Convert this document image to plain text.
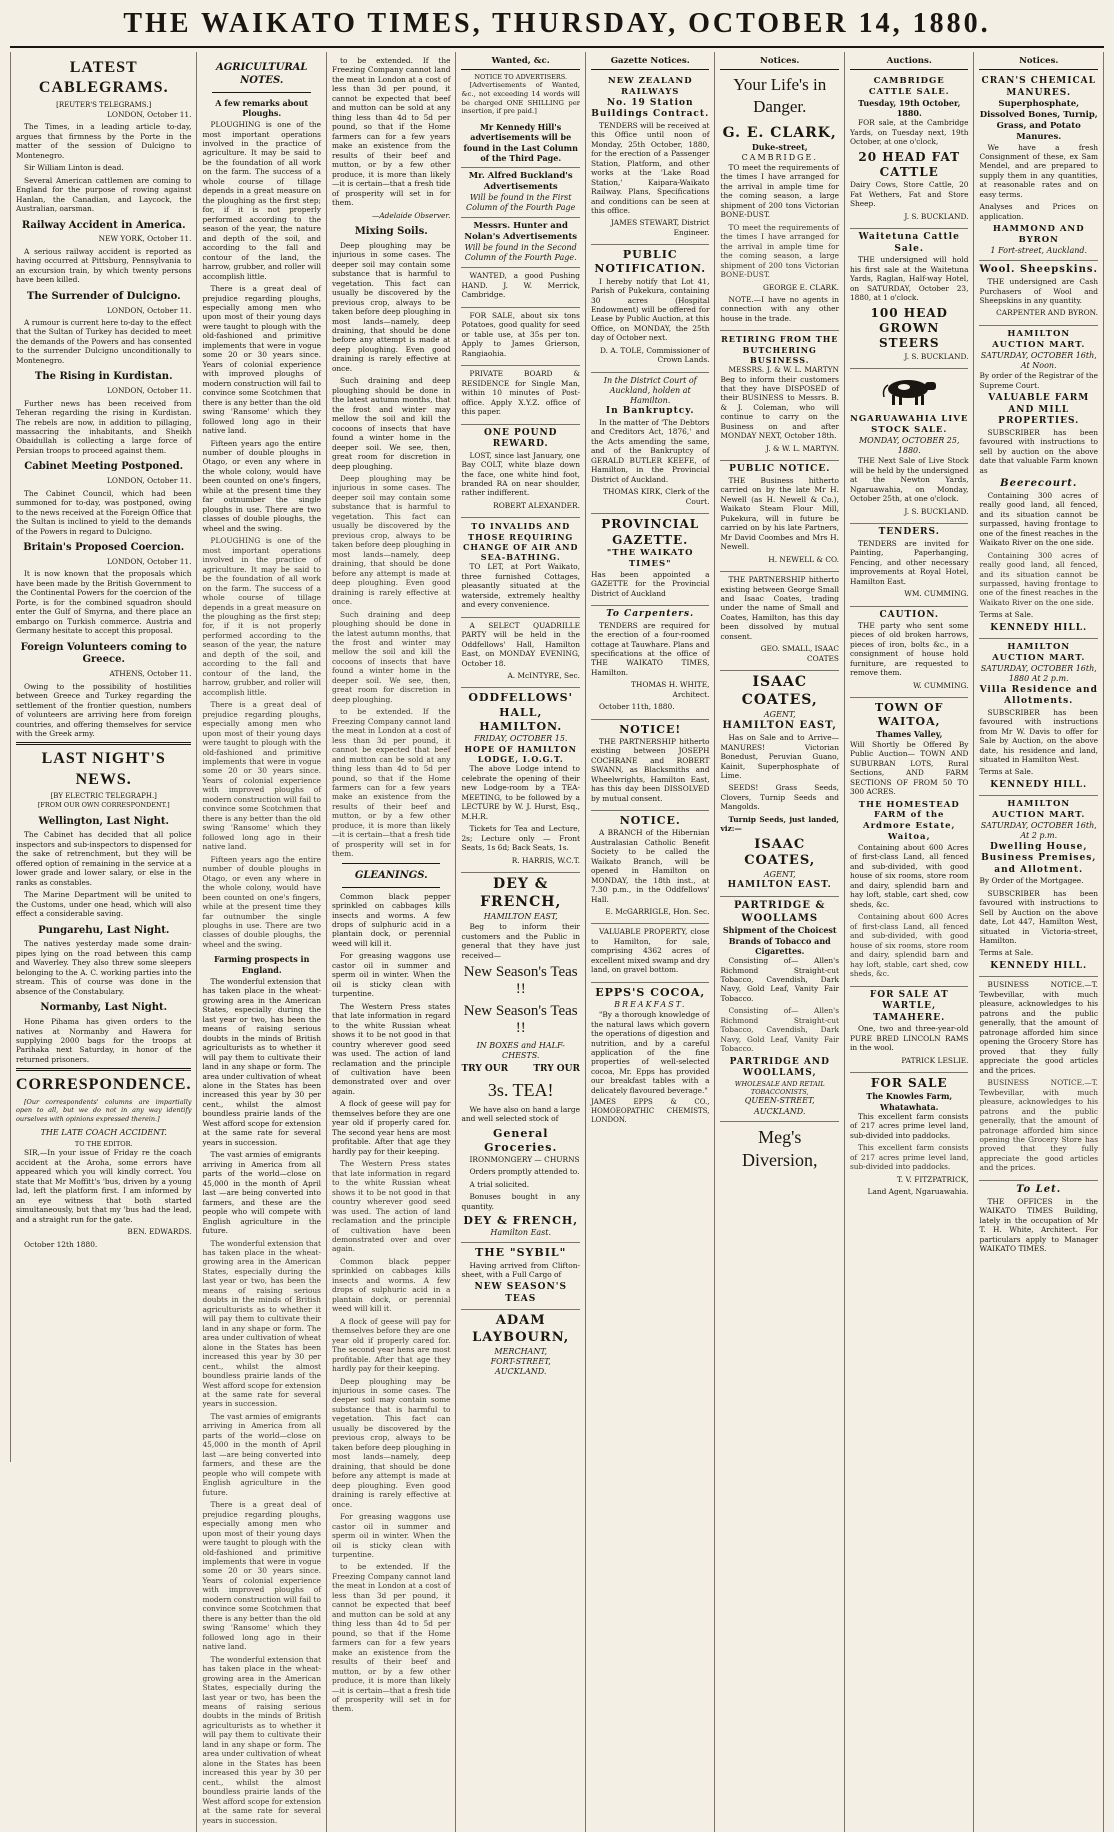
THE WAIKATO TIMES, THURSDAY, OCTOBER 14, 1880.
LATEST CABLEGRAMS.
[REUTER'S TELEGRAMS.]

LONDON, October 11.

The Times, in a leading article to-day, argues that firmness by the Porte in the matter of the session of Dulcigno to Montenegro.

Sir William Linton is dead.

Several American cattlemen are coming to England for the purpose of rowing against Hanlan, the Canadian, and Laycock, the Australian, oarsman.

Railway Accident in America.

NEW YORK, October 11.

A serious railway accident is reported as having occurred at Pittsburg, Pennsylvania to an excursion train, by which twenty persons have been killed.

The Surrender of Dulcigno.

LONDON, October 11.

A rumour is current here to-day to the effect that the Sultan of Turkey has decided to meet the demands of the Powers and has consented to the surrender Dulcigno unconditionally to Montenegro.

The Rising in Kurdistan.

LONDON, October 11.

Further news has been received from Teheran regarding the rising in Kurdistan. The rebels are now, in addition to pillaging, massacring the inhabitants, and Sheikh Obaidullah is collecting a large force of Persian troops to proceed against them.

Cabinet Meeting Postponed.

LONDON, October 11.

The Cabinet Council, which had been summoned for to-day, was postponed, owing to the news received at the Foreign Office that the Sultan is inclined to yield to the demands of the Powers in regard to Dulcigno.

Britain's Proposed Coercion.

LONDON, October 11.

It is now known that the proposals which have been made by the British Government to the Continental Powers for the coercion of the Porte, is for the combined squadron should enter the Gulf of Smyrna, and there place an embargo on Turkish commerce. Austria and Germany hesitate to accept this proposal.

Foreign Volunteers coming to Greece.

ATHENS, October 11.

Owing to the possibility of hostilities between Greece and Turkey regarding the settlement of the frontier question, numbers of volunteers are arriving here from foreign countries, and offering themselves for service with the Greek army.

LAST NIGHT'S NEWS.
[BY ELECTRIC TELEGRAPH.]
[FROM OUR OWN CORRESPONDENT.]
Wellington, Last Night.

The Cabinet has decided that all police inspectors and sub-inspectors to dispensed for the sake of retrenchment, but they will be offered option of remaining in the service at a lower grade and lower salary, or else in the ranks as constables.

The Marine Department will be united to the Customs, under one head, which will also effect a considerable saving.

Pungarehu, Last Night.

The natives yesterday made some drain-pipes lying on the road between this camp and Waverley. They also threw some sleepers belonging to the A. C. working parties into the stream. This of course was done in the absence of the Constabulary.

Normanby, Last Night.

Hone Pihama has given orders to the natives at Normanby and Hawera for supplying 2000 bags for the troops at Parihaka next Saturday, in honor of the returned prisoners.

CORRESPONDENCE.

[Our correspondents' columns are impartially open to all, but we do not in any way identify ourselves with opinions expressed therein.]

THE LATE COACH ACCIDENT.
TO THE EDITOR.

SIR,—In your issue of Friday re the coach accident at the Aroha, some errors have appeared which you will kindly correct. You state that Mr Moffitt's 'bus, driven by a young lad, left the platform first. I am informed by an eye witness that both started simultaneously, but that my 'bus had the lead, and a straight run for the gate.

BEN. EDWARDS.

October 12th 1880.

AGRICULTURAL NOTES.
A few remarks about Ploughs.

PLOUGHING is one of the most important operations involved in the practice of agriculture. It may be said to be the foundation of all work on the farm. The success of a whole course of tillage depends in a great measure on the ploughing as the first step; for, if it is not properly performed according to the season of the year, the nature and depth of the soil, and according to the fall and contour of the land, the harrow, grubber, and roller will accomplish little.

There is a great deal of prejudice regarding ploughs, especially among men who upon most of their young days were taught to plough with the old-fashioned and primitive implements that were in vogue some 20 or 30 years since. Years of colonial experience with improved ploughs of modern construction will fail to convince some Scotchmen that there is any better than the old swing 'Ransome' which they followed long ago in their native land.

Fifteen years ago the entire number of double ploughs in Otago, or even any where in the whole colony, would have been counted on one's fingers, while at the present time they far outnumber the single ploughs in use. There are two classes of double ploughs, the wheel and the swing.

PLOUGHING is one of the most important operations involved in the practice of agriculture. It may be said to be the foundation of all work on the farm. The success of a whole course of tillage depends in a great measure on the ploughing as the first step; for, if it is not properly performed according to the season of the year, the nature and depth of the soil, and according to the fall and contour of the land, the harrow, grubber, and roller will accomplish little.

There is a great deal of prejudice regarding ploughs, especially among men who upon most of their young days were taught to plough with the old-fashioned and primitive implements that were in vogue some 20 or 30 years since. Years of colonial experience with improved ploughs of modern construction will fail to convince some Scotchmen that there is any better than the old swing 'Ransome' which they followed long ago in their native land.

Fifteen years ago the entire number of double ploughs in Otago, or even any where in the whole colony, would have been counted on one's fingers, while at the present time they far outnumber the single ploughs in use. There are two classes of double ploughs, the wheel and the swing.

Farming prospects in England.

The wonderful extension that has taken place in the wheat-growing area in the American States, especially during the last year or two, has been the means of raising serious doubts in the minds of British agriculturists as to whether it will pay them to cultivate their land in any shape or form. The area under cultivation of wheat alone in the States has been increased this year by 30 per cent., whilst the almost boundless prairie lands of the West afford scope for extension at the same rate for several years in succession.

The vast armies of emigrants arriving in America from all parts of the world—close on 45,000 in the month of April last —are being converted into farmers, and these are the people who will compete with English agriculture in the future.

The wonderful extension that has taken place in the wheat-growing area in the American States, especially during the last year or two, has been the means of raising serious doubts in the minds of British agriculturists as to whether it will pay them to cultivate their land in any shape or form. The area under cultivation of wheat alone in the States has been increased this year by 30 per cent., whilst the almost boundless prairie lands of the West afford scope for extension at the same rate for several years in succession.

The vast armies of emigrants arriving in America from all parts of the world—close on 45,000 in the month of April last —are being converted into farmers, and these are the people who will compete with English agriculture in the future.

There is a great deal of prejudice regarding ploughs, especially among men who upon most of their young days were taught to plough with the old-fashioned and primitive implements that were in vogue some 20 or 30 years since. Years of colonial experience with improved ploughs of modern construction will fail to convince some Scotchmen that there is any better than the old swing 'Ransome' which they followed long ago in their native land.

The wonderful extension that has taken place in the wheat-growing area in the American States, especially during the last year or two, has been the means of raising serious doubts in the minds of British agriculturists as to whether it will pay them to cultivate their land in any shape or form. The area under cultivation of wheat alone in the States has been increased this year by 30 per cent., whilst the almost boundless prairie lands of the West afford scope for extension at the same rate for several years in succession.

to be extended. If the Freezing Company cannot land the meat in London at a cost of less than 3d per pound, it cannot be expected that beef and mutton can be sold at any thing less than 4d to 5d per pound, so that if the Home farmers can for a few years make an existence from the results of their beef and mutton, or by a few other produce, it is more than likely—it is certain—that a fresh tide of prosperity will set in for them.

—Adelaide Observer.

Mixing Soils.

Deep ploughing may be injurious in some cases. The deeper soil may contain some substance that is harmful to vegetation. This fact can usually be discovered by the previous crop, always to be taken before deep ploughing in most lands—namely, deep draining, that should be done before any attempt is made at deep ploughing. Even good draining is rarely effective at once.

Such draining and deep ploughing should be done in the latest autumn months, that the frost and winter may mellow the soil and kill the cocoons of insects that have found a winter home in the deeper soil. We see, then, great room for discretion in deep ploughing.

Deep ploughing may be injurious in some cases. The deeper soil may contain some substance that is harmful to vegetation. This fact can usually be discovered by the previous crop, always to be taken before deep ploughing in most lands—namely, deep draining, that should be done before any attempt is made at deep ploughing. Even good draining is rarely effective at once.

Such draining and deep ploughing should be done in the latest autumn months, that the frost and winter may mellow the soil and kill the cocoons of insects that have found a winter home in the deeper soil. We see, then, great room for discretion in deep ploughing.

to be extended. If the Freezing Company cannot land the meat in London at a cost of less than 3d per pound, it cannot be expected that beef and mutton can be sold at any thing less than 4d to 5d per pound, so that if the Home farmers can for a few years make an existence from the results of their beef and mutton, or by a few other produce, it is more than likely—it is certain—that a fresh tide of prosperity will set in for them.

GLEANINGS.

Common black pepper sprinkled on cabbages kills insects and worms. A few drops of sulphuric acid in a plantain dock, or perennial weed will kill it.

For greasing waggons use castor oil in summer and sperm oil in winter. When the oil is sticky clean with turpentine.

The Western Press states that late information in regard to the white Russian wheat shows it to be not good in that country wherever good seed was used. The action of land reclamation and the principle of cultivation have been demonstrated over and over again.

A flock of geese will pay for themselves before they are one year old if properly cared for. The second year hens are most profitable. After that age they hardly pay for their keeping.

The Western Press states that late information in regard to the white Russian wheat shows it to be not good in that country wherever good seed was used. The action of land reclamation and the principle of cultivation have been demonstrated over and over again.

Common black pepper sprinkled on cabbages kills insects and worms. A few drops of sulphuric acid in a plantain dock, or perennial weed will kill it.

A flock of geese will pay for themselves before they are one year old if properly cared for. The second year hens are most profitable. After that age they hardly pay for their keeping.

Deep ploughing may be injurious in some cases. The deeper soil may contain some substance that is harmful to vegetation. This fact can usually be discovered by the previous crop, always to be taken before deep ploughing in most lands—namely, deep draining, that should be done before any attempt is made at deep ploughing. Even good draining is rarely effective at once.

For greasing waggons use castor oil in summer and sperm oil in winter. When the oil is sticky clean with turpentine.

to be extended. If the Freezing Company cannot land the meat in London at a cost of less than 3d per pound, it cannot be expected that beef and mutton can be sold at any thing less than 4d to 5d per pound, so that if the Home farmers can for a few years make an existence from the results of their beef and mutton, or by a few other produce, it is more than likely—it is certain—that a fresh tide of prosperity will set in for them.

Wanted, &c.
NOTICE TO ADVERTISERS.

[Advertisements of Wanted, &c., not exceeding 14 words will be charged ONE SHILLING per insertion, if pre paid.]

Mr Kennedy Hill's advertisements will be found in the Last Column of the Third Page.
Mr. Alfred Buckland's Advertisements
Will be found in the First Column of the Fourth Page
Messrs. Hunter and Nolan's Advertisements
Will be found in the Second Column of the Fourth Page.

WANTED, a good Pushing HAND. J. W. Merrick, Cambridge.

FOR SALE, about six tons Potatoes, good quality for seed or table use, at 35s per ton. Apply to James Grierson, Rangiaohia.

PRIVATE BOARD & RESIDENCE for Single Man, within 10 minutes of Post-office. Apply X.Y.Z. office of this paper.

ONE POUND REWARD.

LOST, since last January, one Bay COLT, white blaze down the face, one white hind foot, branded RA on near shoulder, rather indifferent.

ROBERT ALEXANDER.

TO INVALIDS AND THOSE REQUIRING CHANGE OF AIR AND SEA-BATHING.

TO LET, at Port Waikato, three furnished Cottages, pleasantly situated at the waterside, extremely healthy and every convenience.

A SELECT QUADRILLE PARTY will be held in the Oddfellows' Hall, Hamilton East, on MONDAY EVENING, October 18.

A. McINTYRE, Sec.

ODDFELLOWS' HALL, HAMILTON.
FRIDAY, OCTOBER 15.
HOPE OF HAMILTON LODGE, I.O.G.T.

The above Lodge intend to celebrate the opening of their new Lodge-room by a TEA-MEETING, to be followed by a LECTURE by W. J. Hurst, Esq., M.H.R.

Tickets for Tea and Lecture, 2s; Lecture only — Front Seats, 1s 6d; Back Seats, 1s.

R. HARRIS, W.C.T.

DEY & FRENCH,
HAMILTON EAST,

Beg to inform their customers and the Public in general that they have just received—

New Season's Teas !!
New Season's Teas !!
IN BOXES and HALF-CHESTS.
TRY OUR	TRY OUR
3s. TEA!

We have also on hand a large and well selected stock of

General Groceries.

IRONMONGERY — CHURNS

Orders promptly attended to.

A trial solicited.

Bonuses bought in any quantity.

DEY & FRENCH,
Hamilton East.
THE "SYBIL"

Having arrived from Clifton-sheet, with a Full Cargo of

NEW SEASON'S TEAS
ADAM LAYBOURN,
MERCHANT,
FORT-STREET,
AUCKLAND.
Gazette Notices.
NEW ZEALAND RAILWAYS
No. 19 Station Buildings Contract.

TENDERS will be received at this Office until noon of Monday, 25th October, 1880, for the erection of a Passenger Station, Platform, and other works at the 'Lake Road Station,' Kaipara-Waikato Railway. Plans, Specifications and conditions can be seen at this office.

JAMES STEWART, District Engineer.

PUBLIC NOTIFICATION.

I hereby notify that Lot 41, Parish of Pukekura, containing 30 acres (Hospital Endowment) will be offered for Lease by Public Auction, at this Office, on MONDAY, the 25th day of October next.

D. A. TOLE, Commissioner of Crown Lands.

In the District Court of Auckland, holden at Hamilton.
In Bankruptcy.

In the matter of 'The Debtors and Creditors Act, 1876,' and the Acts amending the same, and of the Bankruptcy of GERALD BUTLER KEEFE, of Hamilton, in the Provincial District of Auckland.

THOMAS KIRK, Clerk of the Court.

PROVINCIAL GAZETTE.
"THE WAIKATO TIMES"

Has been appointed a GAZETTE for the Provincial District of Auckland

To Carpenters.

TENDERS are required for the erection of a four-roomed cottage at Tauwhare. Plans and specifications at the office of THE WAIKATO TIMES, Hamilton.

THOMAS H. WHITE, Architect.

October 11th, 1880.

NOTICE!

THE PARTNERSHIP hitherto existing between JOSEPH COCHRANE and ROBERT SWANN, as Blacksmiths and Wheelwrights, Hamilton East, has this day been DISSOLVED by mutual consent.

NOTICE.

A BRANCH of the Hibernian Australasian Catholic Benefit Society to be called the Waikato Branch, will be opened in Hamilton on MONDAY, the 18th inst., at 7.30 p.m., in the Oddfellows' Hall.

E. McGARRIGLE, Hon. Sec.

VALUABLE PROPERTY, close to Hamilton, for sale, comprising 4362 acres of excellent mixed swamp and dry land, on gravel bottom.

EPPS'S COCOA,
BREAKFAST.

"By a thorough knowledge of the natural laws which govern the operations of digestion and nutrition, and by a careful application of the fine properties of well-selected cocoa, Mr. Epps has provided our breakfast tables with a delicately flavoured beverage."

JAMES EPPS & CO., HOMOEOPATHIC CHEMISTS, LONDON.

Notices.
Your Life's in Danger.
G. E. CLARK,
Duke-street,
CAMBRIDGE.

TO meet the requirements of the times I have arranged for the arrival in ample time for the coming season, a large shipment of 200 tons Victorian BONE-DUST.

TO meet the requirements of the times I have arranged for the arrival in ample time for the coming season, a large shipment of 200 tons Victorian BONE-DUST.

GEORGE E. CLARK.

NOTE.—I have no agents in connection with any other house in the trade.

RETIRING FROM THE BUTCHERING BUSINESS.

MESSRS. J. & W. L. MARTYN Beg to inform their customers that they have DISPOSED of their BUSINESS to Messrs. B. & J. Coleman, who will continue to carry on the Business on and after MONDAY NEXT, October 18th.

J. & W. L. MARTYN.

PUBLIC NOTICE.

THE Business hitherto carried on by the late Mr H. Newell (as H. Newell & Co.), Waikato Steam Flour Mill, Pukekura, will in future be carried on by his late Partners, Mr David Coombes and Mrs H. Newell.

H. NEWELL & CO.

THE PARTNERSHIP hitherto existing between George Small and Isaac Coates, trading under the name of Small and Coates, Hamilton, has this day been dissolved by mutual consent.

GEO. SMALL, ISAAC COATES

ISAAC COATES,
AGENT,
HAMILTON EAST,

Has on Sale and to Arrive— MANURES! Victorian Bonedust, Peruvian Guano, Kainit, Superphosphate of Lime.

SEEDS! Grass Seeds, Clovers, Turnip Seeds and Mangolds.

Turnip Seeds, just landed, viz:—

ISAAC COATES,
AGENT,
HAMILTON EAST.
PARTRIDGE & WOOLLAMS
Shipment of the Choicest Brands of Tobacco and Cigarettes.

Consisting of— Allen's Richmond Straight-cut Tobacco, Cavendish, Dark Navy, Gold Leaf, Vanity Fair Tobacco.

Consisting of— Allen's Richmond Straight-cut Tobacco, Cavendish, Dark Navy, Gold Leaf, Vanity Fair Tobacco.

PARTRIDGE AND WOOLLAMS,
WHOLESALE AND RETAIL TOBACCONISTS,
QUEEN-STREET, AUCKLAND.
Meg's Diversion,
Auctions.
CAMBRIDGE CATTLE SALE.
Tuesday, 19th October, 1880.

FOR sale, at the Cambridge Yards, on Tuesday next, 19th October, at one o'clock,

20 HEAD FAT CATTLE

Dairy Cows, Store Cattle, 20 Fat Wethers, Fat and Store Sheep.

J. S. BUCKLAND.

Waitetuna Cattle Sale.

THE undersigned will hold his first sale at the Waitetuna Yards, Raglan, Half-way Hotel, on SATURDAY, October 23, 1880, at 1 o'clock.

100 HEAD GROWN STEERS

J. S. BUCKLAND.

NGARUAWAHIA LIVE STOCK SALE.
MONDAY, OCTOBER 25, 1880.

THE Next Sale of Live Stock will be held by the undersigned at the Newton Yards, Ngaruawahia, on Monday, October 25th, at one o'clock.

J. S. BUCKLAND.

TENDERS.

TENDERS are invited for Painting, Paperhanging, Fencing, and other necessary improvements at Royal Hotel, Hamilton East.

WM. CUMMING.

CAUTION.

THE party who sent some pieces of old broken harrows, pieces of iron, bolts &c., in a consignment of house hold furniture, are requested to remove them.

W. CUMMING.

TOWN OF WAITOA,
Thames Valley,

Will Shortly be Offered By Public Auction— TOWN AND SUBURBAN LOTS, Rural Sections, AND FARM SECTIONS OF FROM 50 TO 300 ACRES.

THE HOMESTEAD FARM of the Ardmore Estate, Waitoa,

Containing about 600 Acres of first-class Land, all fenced and sub-divided, with good house of six rooms, store room and dairy, splendid barn and hay loft, stable, cart shed, cow sheds, &c.

Containing about 600 Acres of first-class Land, all fenced and sub-divided, with good house of six rooms, store room and dairy, splendid barn and hay loft, stable, cart shed, cow sheds, &c.

FOR SALE AT WARTLE, TAMAHERE.

One, two and three-year-old PURE BRED LINCOLN RAMS in the wool.

PATRICK LESLIE.

FOR SALE
The Knowles Farm, Whatawhata.

This excellent farm consists of 217 acres prime level land, sub-divided into paddocks.

This excellent farm consists of 217 acres prime level land, sub-divided into paddocks.

T. V. FITZPATRICK,

Land Agent, Ngaruawahia.

Notices.
CRAN'S CHEMICAL MANURES.
Superphosphate, Dissolved Bones, Turnip, Grass, and Potato Manures.

We have a fresh Consignment of these, ex Sam Mendel, and are prepared to supply them in any quantities, at reasonable rates and on easy terms.

Analyses and Prices on application.

HAMMOND AND BYRON
1 Fort-street, Auckland.
Wool. Sheepskins.

THE undersigned are Cash Purchasers of Wool and Sheepskins in any quantity.

CARPENTER AND BYRON.

HAMILTON AUCTION MART.
SATURDAY, OCTOBER 16th, At Noon.

By order of the Registrar of the Supreme Court.

VALUABLE FARM AND MILL PROPERTIES.

SUBSCRIBER has been favoured with instructions to sell by auction on the above date that valuable Farm known as

Beerecourt.

Containing 300 acres of really good land, all fenced, and its situation cannot be surpassed, having frontage to one of the finest reaches in the Waikato River on the one side.

Containing 300 acres of really good land, all fenced, and its situation cannot be surpassed, having frontage to one of the finest reaches in the Waikato River on the one side.

Terms at Sale.

KENNEDY HILL.
HAMILTON AUCTION MART.
SATURDAY, OCTOBER 16th, 1880 At 2 p.m.
Villa Residence and Allotments.

SUBSCRIBER has been favoured with instructions from Mr W. Davis to offer for Sale by Auction, on the above date, his residence and land, situated in Hamilton West.

Terms at Sale.

KENNEDY HILL.
HAMILTON AUCTION MART.
SATURDAY, OCTOBER 16th, At 2 p.m.
Dwelling House, Business Premises, and Allotment.

By Order of the Mortgagee.

SUBSCRIBER has been favoured with instructions to Sell by Auction on the above date, Lot 447, Hamilton West, situated in Victoria-street, Hamilton.

Terms at Sale.

KENNEDY HILL.

BUSINESS NOTICE.—T. Tewbevillar, with much pleasure, acknowledges to his patrons and the public generally, that the amount of patronage afforded him since opening the Grocery Store has proved that they fully appreciate the good articles and the prices.

BUSINESS NOTICE.—T. Tewbevillar, with much pleasure, acknowledges to his patrons and the public generally, that the amount of patronage afforded him since opening the Grocery Store has proved that they fully appreciate the good articles and the prices.

To Let.

THE OFFICES in the WAIKATO TIMES Building, lately in the occupation of Mr T. H. White, Architect. For particulars apply to Manager WAIKATO TIMES.
